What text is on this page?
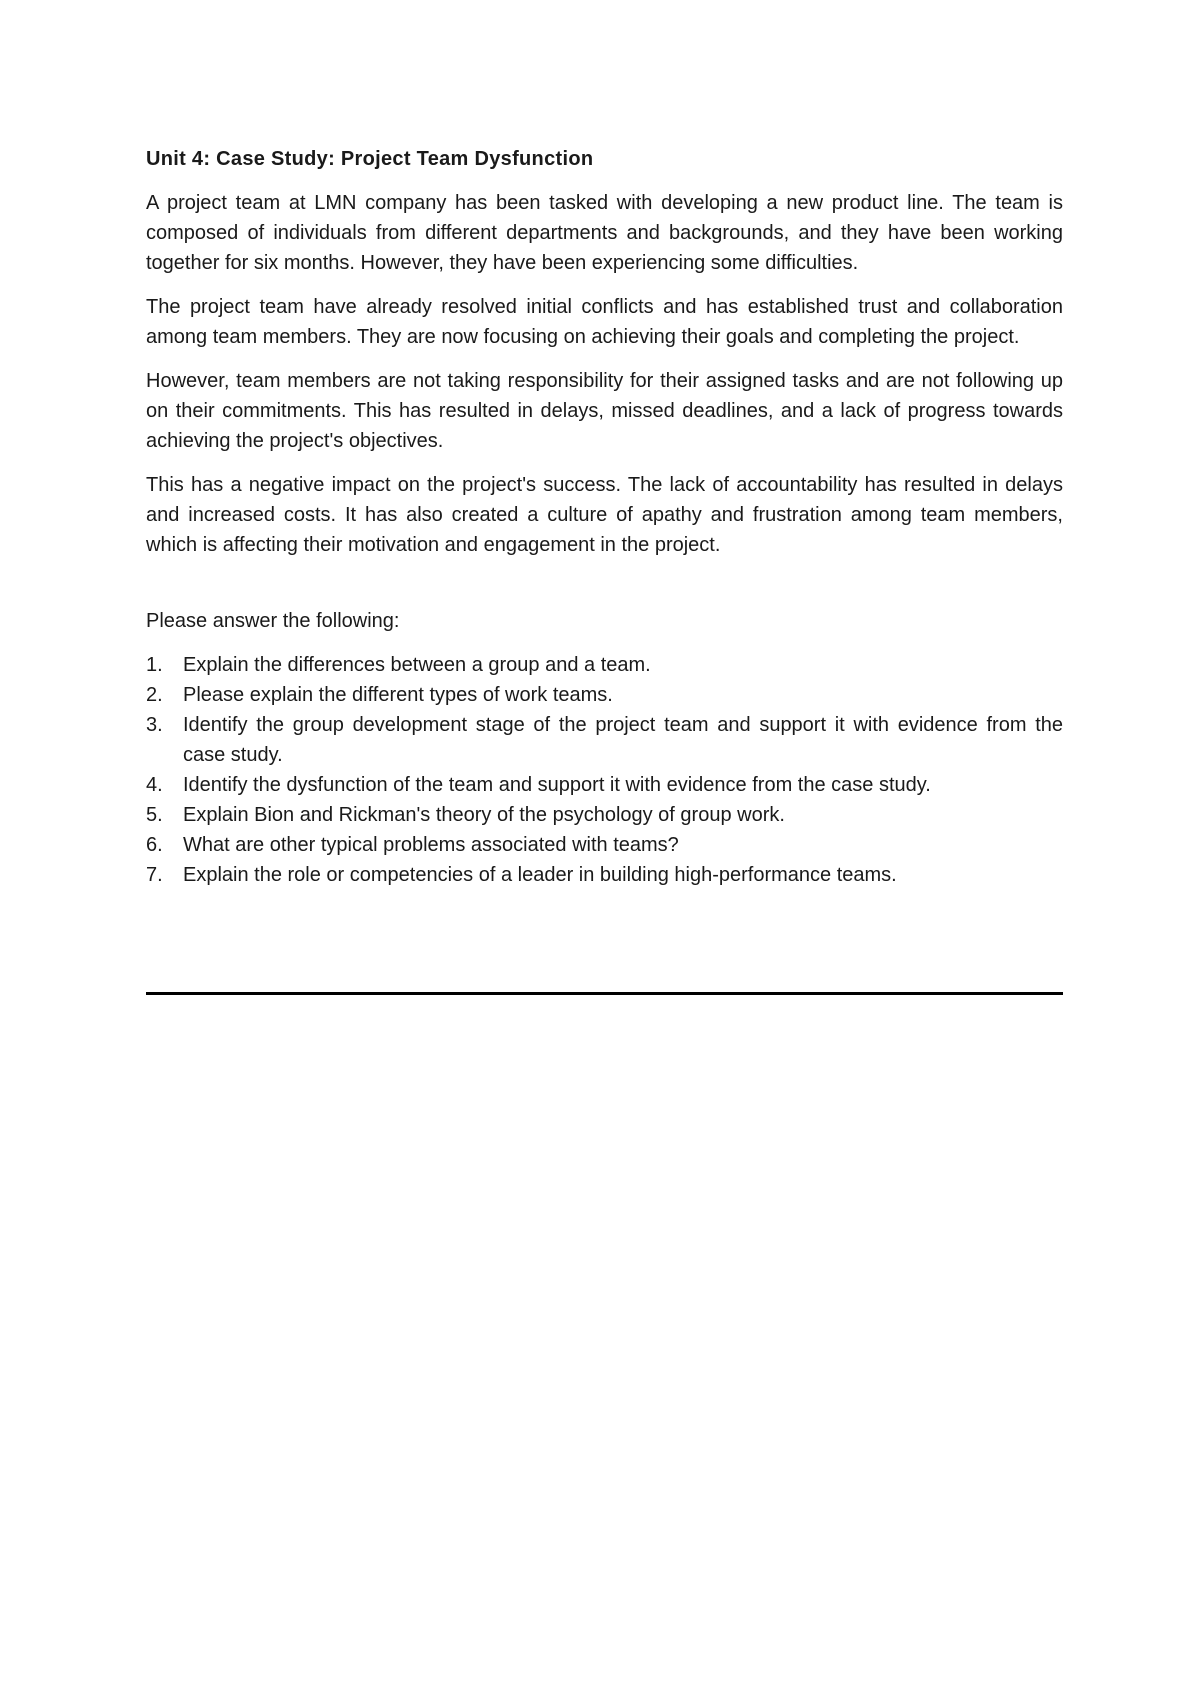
Unit 4: Case Study: Project Team Dysfunction

A project team at LMN company has been tasked with developing a new product line. The team is composed of individuals from different departments and backgrounds, and they have been working together for six months. However, they have been experiencing some difficulties.

The project team have already resolved initial conflicts and has established trust and collaboration among team members. They are now focusing on achieving their goals and completing the project.

However, team members are not taking responsibility for their assigned tasks and are not following up on their commitments. This has resulted in delays, missed deadlines, and a lack of progress towards achieving the project's objectives.

This has a negative impact on the project's success. The lack of accountability has resulted in delays and increased costs. It has also created a culture of apathy and frustration among team members, which is affecting their motivation and engagement in the project.

Please answer the following:

1.	Explain the differences between a group and a team.
2.	Please explain the different types of work teams.
3.	Identify the group development stage of the project team and support it with evidence from the case study.
4.	Identify the dysfunction of the team and support it with evidence from the case study.
5.	Explain Bion and Rickman's theory of the psychology of group work.
6.	What are other typical problems associated with teams?
7.	Explain the role or competencies of a leader in building high-performance teams.
